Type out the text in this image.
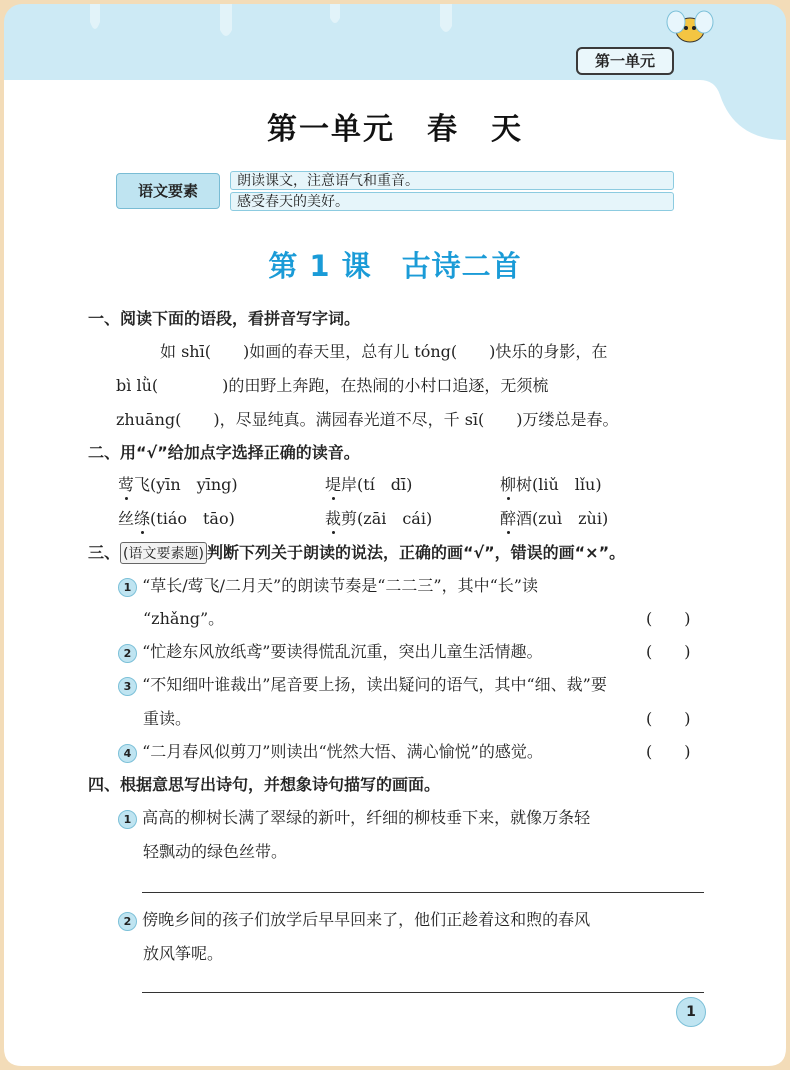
第一单元
第一单元　春　天
语文要素
朗读课文，注意语气和重音。
感受春天的美好。
第 1 课　古诗二首
一、阅读下面的语段，看拼音写字词。
如 shī(　　)如画的春天里，总有儿 tóng(　　)快乐的身影，在
bì lǜ(　　　　)的田野上奔跑，在热闹的小村口追逐，无须梳
zhuāng(　　)，尽显纯真。满园春光道不尽，千 sī(　　)万缕总是春。
二、用“√”给加点字选择正确的读音。
莺飞(yīn　yīng)	堤岸(tí　dī)	柳树(liǔ　lǐu)
丝绦(tiáo　tāo)	裁剪(zāi　cái)	醉酒(zuì　zùi)
三、 (语文要素题) 判断下列关于朗读的说法，正确的画“√”，错误的画“×”。
1 “草长/莺飞/二月天”的朗读节奏是“二二三”，其中“长”读
“zhǎng”。	(　　)
2 “忙趁东风放纸鸢”要读得慌乱沉重，突出儿童生活情趣。	(　　)
3 “不知细叶谁裁出”尾音要上扬，读出疑问的语气，其中“细、裁”要
重读。	(　　)
4 “二月春风似剪刀”则读出“恍然大悟、满心愉悦”的感觉。	(　　)
四、根据意思写出诗句，并想象诗句描写的画面。
1 高高的柳树长满了翠绿的新叶，纤细的柳枝垂下来，就像万条轻
轻飘动的绿色丝带。
2 傍晚乡间的孩子们放学后早早回来了，他们正趁着这和煦的春风
放风筝呢。
1
